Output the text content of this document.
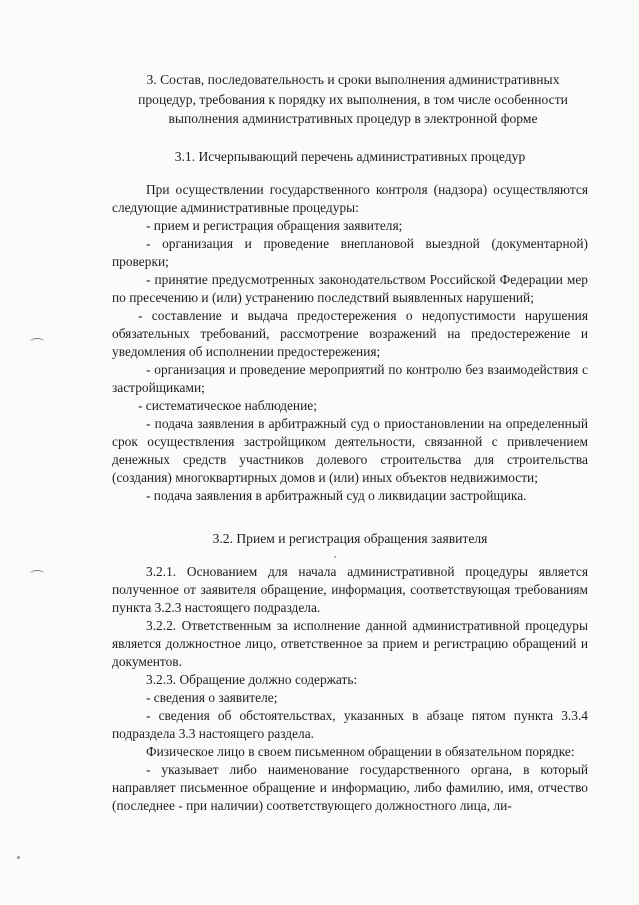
3. Состав, последовательность и сроки выполнения административных процедур, требования к порядку их выполнения, в том числе особенности выполнения административных процедур в электронной форме
3.1. Исчерпывающий перечень административных процедур

При осуществлении государственного контроля (надзора) осуществляются следующие административные процедуры:

- прием и регистрация обращения заявителя;

- организация и проведение внеплановой выездной (документарной) проверки;

- принятие предусмотренных законодательством Российской Федерации мер по пресечению и (или) устранению последствий выявленных нарушений;

- составление и выдача предостережения о недопустимости нарушения обязательных требований, рассмотрение возражений на предостережение и уведомления об исполнении предостережения;

- организация и проведение мероприятий по контролю без взаимодействия с застройщиками;

- систематическое наблюдение;

- подача заявления в арбитражный суд о приостановлении на определенный срок осуществления застройщиком деятельности, связанной с привлечением денежных средств участников долевого строительства для строительства (создания) многоквартирных домов и (или) иных объектов недвижимости;

- подача заявления в арбитражный суд о ликвидации застройщика.

3.2. Прием и регистрация обращения заявителя

3.2.1. Основанием для начала административной процедуры является полученное от заявителя обращение, информация, соответствующая требованиям пункта 3.2.3 настоящего подраздела.

3.2.2. Ответственным за исполнение данной административной процедуры является должностное лицо, ответственное за прием и регистрацию обращений и документов.

3.2.3. Обращение должно содержать:

- сведения о заявителе;

- сведения об обстоятельствах, указанных в абзаце пятом пункта 3.3.4 подраздела 3.3 настоящего раздела.

Физическое лицо в своем письменном обращении в обязательном порядке:

- указывает либо наименование государственного органа, в который направляет письменное обращение и информацию, либо фамилию, имя, отчество (последнее - при наличии) соответствующего должностного лица, ли-
